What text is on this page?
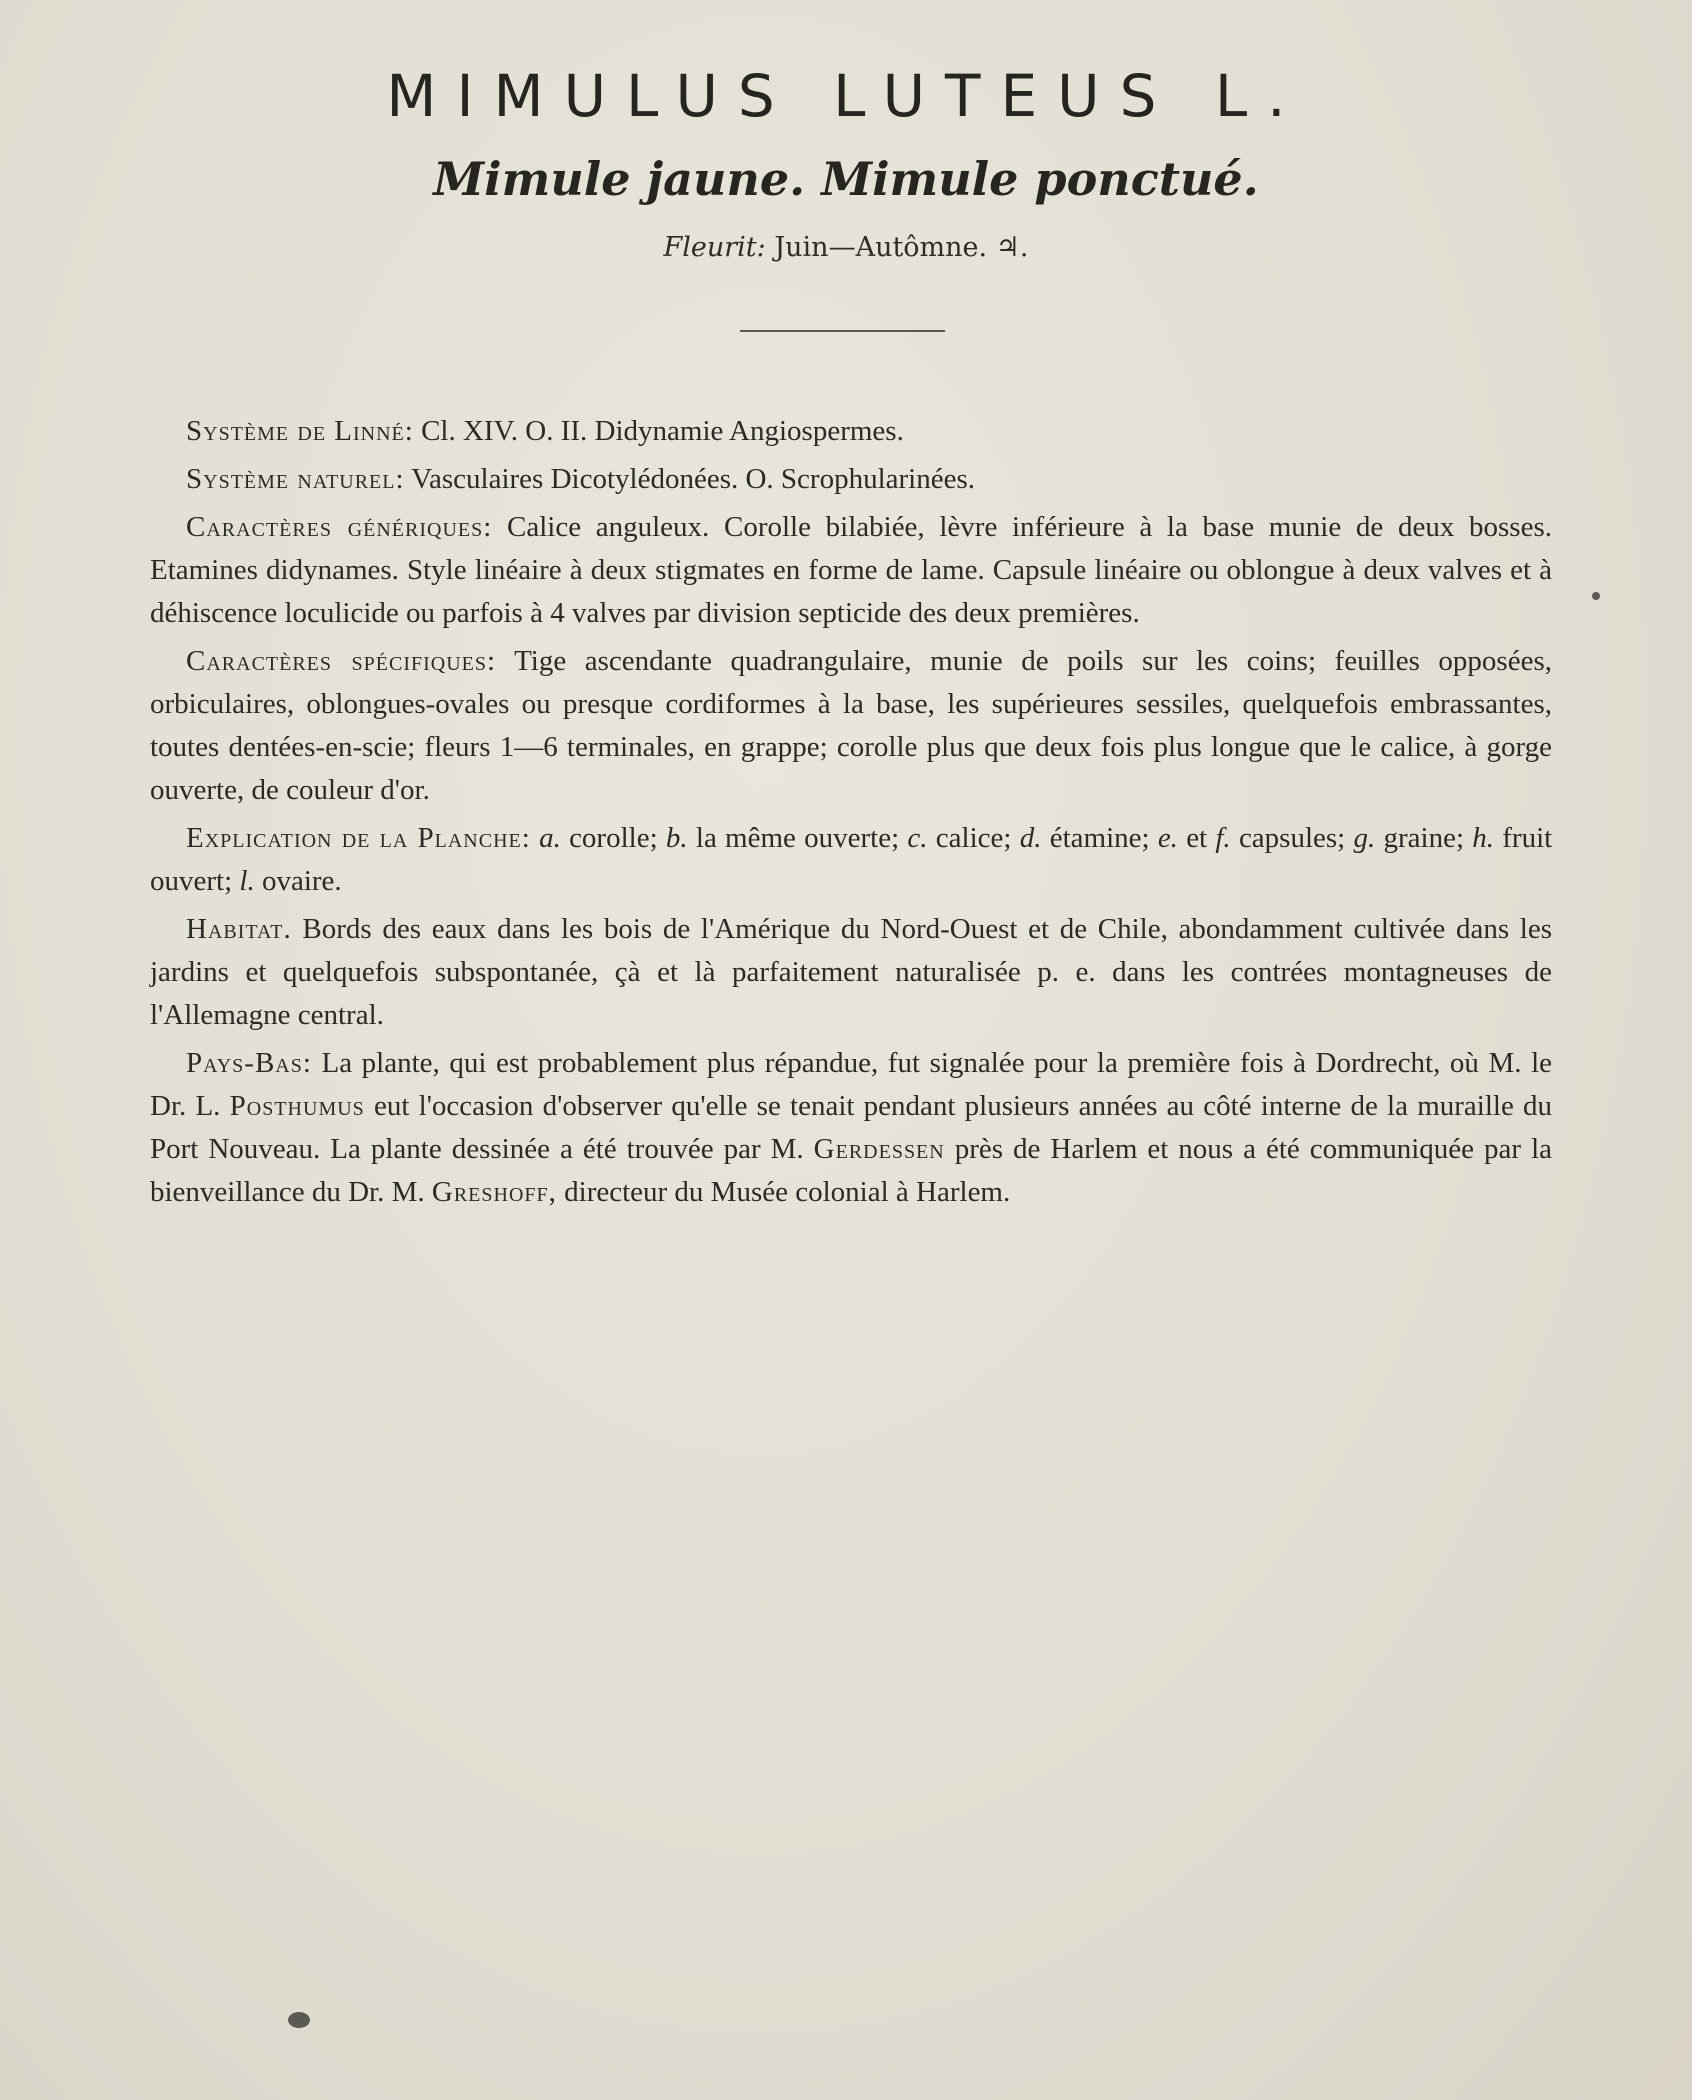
MIMULUS LUTEUS L.
Mimule jaune. Mimule ponctué.
Fleurit: Juin—Autômne. ♃.

Système de Linné: Cl. XIV. O. II. Didynamie Angiospermes.

Système naturel: Vasculaires Dicotylédonées. O. Scrophularinées.

Caractères génériques: Calice anguleux. Corolle bilabiée, lèvre inférieure à la base munie de deux bosses. Etamines didynames. Style linéaire à deux stigmates en forme de lame. Capsule linéaire ou oblongue à deux valves et à déhiscence loculicide ou parfois à 4 valves par division septicide des deux premières.

Caractères spécifiques: Tige ascendante quadrangulaire, munie de poils sur les coins; feuilles opposées, orbiculaires, oblongues-ovales ou presque cordiformes à la base, les supérieures sessiles, quelquefois embrassantes, toutes dentées-en-scie; fleurs 1—6 terminales, en grappe; corolle plus que deux fois plus longue que le calice, à gorge ouverte, de couleur d'or.

Explication de la Planche: a. corolle; b. la même ouverte; c. calice; d. étamine; e. et f. capsules; g. graine; h. fruit ouvert; l. ovaire.

Habitat. Bords des eaux dans les bois de l'Amérique du Nord-Ouest et de Chile, abondamment cultivée dans les jardins et quelquefois subspontanée, çà et là parfaitement naturalisée p. e. dans les contrées montagneuses de l'Allemagne central.

Pays-Bas: La plante, qui est probablement plus répandue, fut signalée pour la première fois à Dordrecht, où M. le Dr. L. Posthumus eut l'occasion d'observer qu'elle se tenait pendant plusieurs années au côté interne de la muraille du Port Nouveau. La plante dessinée a été trouvée par M. Gerdessen près de Harlem et nous a été communiquée par la bienveillance du Dr. M. Greshoff, directeur du Musée colonial à Harlem.
